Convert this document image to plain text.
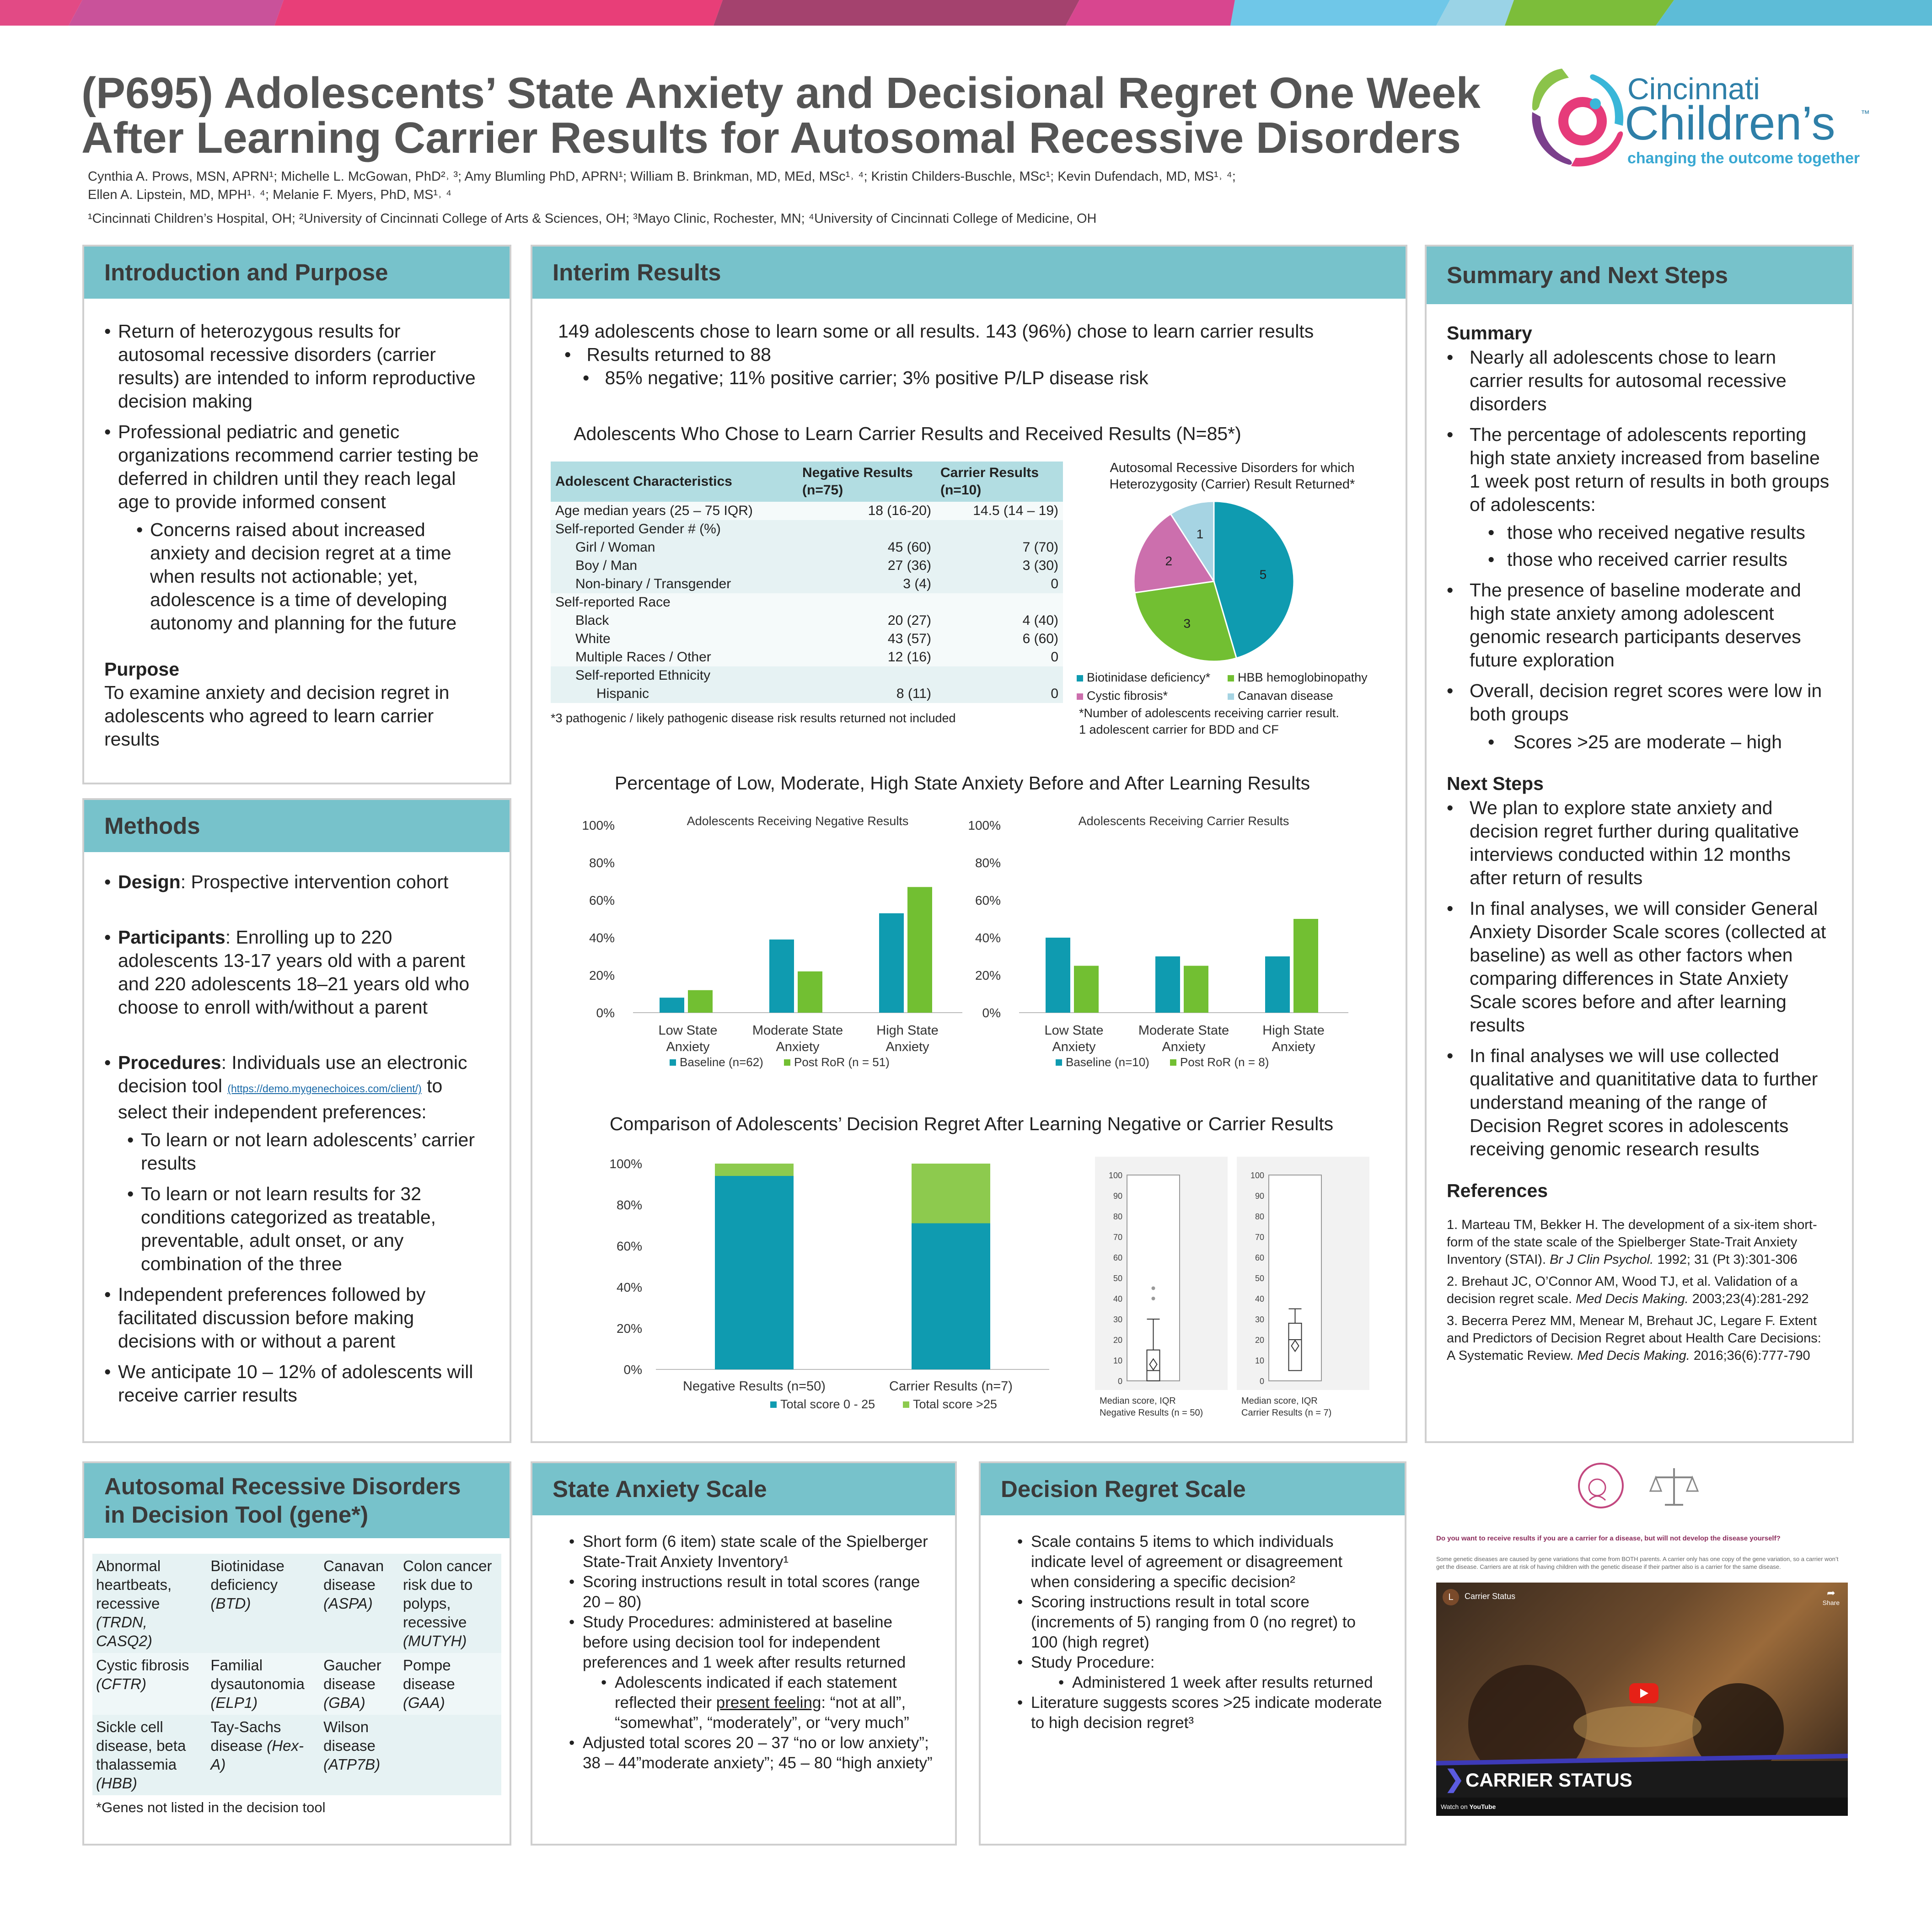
(P695) Adolescents’ State Anxiety and Decisional Regret One Week
After Learning Carrier Results for Autosomal Recessive Disorders
Cynthia A. Prows, MSN, APRN¹; Michelle L. McGowan, PhD²˒ ³; Amy Blumling PhD, APRN¹; William B. Brinkman, MD, MEd, MSc¹˒ ⁴; Kristin Childers-Buschle, MSc¹; Kevin Dufendach, MD, MS¹˒ ⁴;
Ellen A. Lipstein, MD, MPH¹˒ ⁴; Melanie F. Myers, PhD, MS¹˒ ⁴
¹Cincinnati Children’s Hospital, OH; ²University of Cincinnati College of Arts & Sciences, OH; ³Mayo Clinic, Rochester, MN; ⁴University of Cincinnati College of Medicine, OH
Cincinnati
Children’s	™
changing the outcome together
Introduction and Purpose
• Return of heterozygous results for autosomal recessive disorders (carrier results) are intended to inform reproductive decision making
• Professional pediatric and genetic organizations recommend carrier testing be deferred in children until they reach legal age to provide informed consent
• Concerns raised about increased anxiety and decision regret at a time when results not actionable; yet, adolescence is a time of developing autonomy and planning for the future
Purpose
To examine anxiety and decision regret in adolescents who agreed to learn carrier results
Methods
• Design: Prospective intervention cohort
• Participants: Enrolling up to 220 adolescents 13-17 years old with a parent and 220 adolescents 18–21 years old who choose to enroll with/without a parent
• Procedures: Individuals use an electronic decision tool (https://demo.mygenechoices.com/client/) to select their independent preferences:
• To learn or not learn adolescents’ carrier results
• To learn or not learn results for 32 conditions categorized as treatable, preventable, adult onset, or any combination of the three
• Independent preferences followed by facilitated discussion before making decisions with or without a parent
• We anticipate 10 – 12% of adolescents will receive carrier results
Autosomal Recessive Disorders
in Decision Tool (gene*)
Abnormal heartbeats, recessive (TRDN, CASQ2)	Biotinidase deficiency (BTD)	Canavan disease (ASPA)	Colon cancer risk due to polyps, recessive (MUTYH)
Cystic fibrosis (CFTR)	Familial dysautonomia (ELP1)	Gaucher disease (GBA)	Pompe disease (GAA)
Sickle cell disease, beta thalassemia (HBB)	Tay-Sachs disease (Hex-A)	Wilson disease (ATP7B)	
*Genes not listed in the decision tool
Interim Results
149 adolescents chose to learn some or all results. 143 (96%) chose to learn carrier results
•   Results returned to 88
•   85% negative; 11% positive carrier; 3% positive P/LP disease risk
Adolescents Who Chose to Learn Carrier Results and Received Results (N=85*)
Adolescent Characteristics	Negative Results (n=75)	Carrier Results (n=10)
Age median years (25 – 75 IQR)	18 (16-20)	14.5 (14 – 19)
Self-reported Gender # (%)		
Girl / Woman	45 (60)	7 (70)
Boy / Man	27 (36)	3 (30)
Non-binary / Transgender	3 (4)	0
Self-reported Race		
Black	20 (27)	4 (40)
White	43 (57)	6 (60)
Multiple Races / Other	12 (16)	0
Self-reported Ethnicity		
Hispanic	8 (11)	0
*3 pathogenic / likely pathogenic disease risk results returned not included
Autosomal Recessive Disorders for which
Heterozygosity (Carrier) Result Returned*
5
3
2
1
Biotinidase deficiency* HBB hemoglobinopathyCystic fibrosis*	Canavan disease
*Number of adolescents receiving carrier result.
1 adolescent carrier for BDD and CF
Percentage of Low, Moderate, High State Anxiety Before and After Learning Results
Adolescents Receiving Negative Results
0%
20%
40%
60%
80%
100%
Low State
Anxiety
Moderate State
Anxiety
High State
Anxiety
Baseline (n=62)	Post RoR (n = 51)
Adolescents Receiving Carrier Results
0%
20%
40%
60%
80%
100%
Low State
Anxiety
Moderate State
Anxiety
High State
Anxiety
Baseline (n=10)	Post RoR (n = 8)
Comparison of Adolescents’ Decision Regret After Learning Negative or Carrier Results
0%
20%
40%
60%
80%
100%
Negative Results (n=50)	Carrier Results (n=7)
Total score 0 - 25	Total score >25
0
10
20
30
40
50
60
70
80
90
100
Median score, IQR
Negative Results (n = 50)
0
10
20
30
40
50
60
70
80
90
100
Median score, IQR
Carrier Results (n = 7)
Summary and Next Steps
Summary
• Nearly all adolescents chose to learn carrier results for autosomal recessive disorders
• The percentage of adolescents reporting high state anxiety increased from baseline 1 week post return of results in both groups of adolescents:
• those who received negative results
• those who received carrier results
• The presence of baseline moderate and high state anxiety among adolescent genomic research participants deserves future exploration
• Overall, decision regret scores were low in both groups
• Scores >25 are moderate – high
Next Steps
• We plan to explore state anxiety and decision regret further during qualitative interviews conducted within 12 months after return of results
• In final analyses, we will consider General Anxiety Disorder Scale scores (collected at baseline) as well as other factors when comparing differences in State Anxiety Scale scores before and after learning results
• In final analyses we will use collected qualitative and quanititative data to further understand meaning of the range of Decision Regret scores in adolescents receiving genomic research results
References

1. Marteau TM, Bekker H. The development of a six-item short-form of the state scale of the Spielberger State-Trait Anxiety Inventory (STAI). Br J Clin Psychol. 1992; 31 (Pt 3):301-306

2. Brehaut JC, O’Connor AM, Wood TJ, et al. Validation of a decision regret scale. Med Decis Making. 2003;23(4):281-292

3. Becerra Perez MM, Menear M, Brehaut JC, Legare F. Extent and Predictors of Decision Regret about Health Care Decisions: A Systematic Review. Med Decis Making. 2016;36(6):777-790

State Anxiety Scale
• Short form (6 item) state scale of the Spielberger State-Trait Anxiety Inventory¹
• Scoring instructions result in total scores (range 20 – 80)
• Study Procedures: administered at baseline before using decision tool for independent preferences and 1 week after results returned
• Adolescents indicated if each statement reflected their present feeling: “not at all”, “somewhat”, “moderately”, or “very much”
• Adjusted total scores 20 – 37 “no or low anxiety”; 38 – 44”moderate anxiety”; 45 – 80 “high anxiety”
Decision Regret Scale
• Scale contains 5 items to which individuals indicate level of agreement or disagreement when considering a specific decision²
• Scoring instructions result in total score (increments of 5) ranging from 0 (no regret) to 100 (high regret)
• Study Procedure:
• Administered 1 week after results returned
• Literature suggests scores >25 indicate moderate to high decision regret³
Do you want to receive results if you are a carrier for a disease, but will not develop the disease yourself?
Some genetic diseases are caused by gene variations that come from BOTH parents. A carrier only has one copy of the gene variation, so a carrier won’t get the disease. Carriers are at risk of having children with the genetic disease if their partner also is a carrier for the same disease.
L	Carrier Status	➦
Share
❯ CARRIER STATUS
Watch on YouTube
